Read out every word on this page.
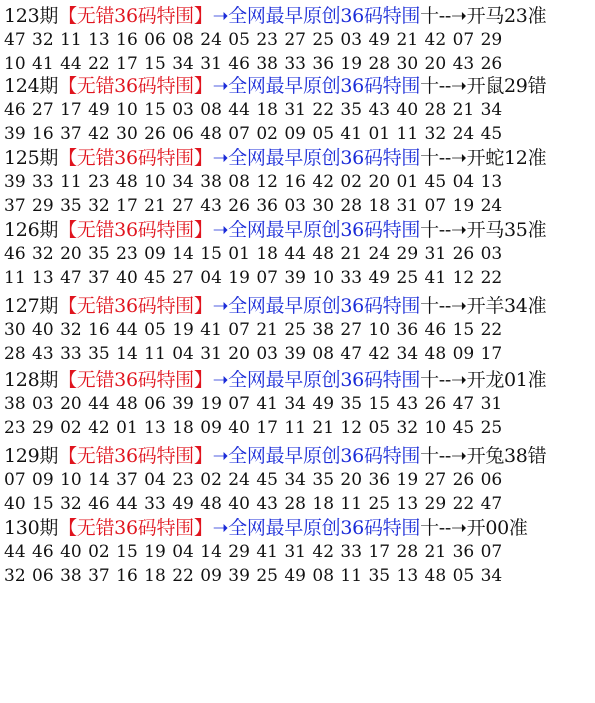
123期【无错36码特围】➝全网最早原创36码特围十--➝开马23准
47 32 11 13 16 06 08 24 05 23 27 25 03 49 21 42 07 29
10 41 44 22 17 15 34 31 46 38 33 36 19 28 30 20 43 26
124期【无错36码特围】➝全网最早原创36码特围十--➝开鼠29错
46 27 17 49 10 15 03 08 44 18 31 22 35 43 40 28 21 34
39 16 37 42 30 26 06 48 07 02 09 05 41 01 11 32 24 45
125期【无错36码特围】➝全网最早原创36码特围十--➝开蛇12准
39 33 11 23 48 10 34 38 08 12 16 42 02 20 01 45 04 13
37 29 35 32 17 21 27 43 26 36 03 30 28 18 31 07 19 24
126期【无错36码特围】➝全网最早原创36码特围十--➝开马35准
46 32 20 35 23 09 14 15 01 18 44 48 21 24 29 31 26 03
11 13 47 37 40 45 27 04 19 07 39 10 33 49 25 41 12 22
127期【无错36码特围】➝全网最早原创36码特围十--➝开羊34准
30 40 32 16 44 05 19 41 07 21 25 38 27 10 36 46 15 22
28 43 33 35 14 11 04 31 20 03 39 08 47 42 34 48 09 17
128期【无错36码特围】➝全网最早原创36码特围十--➝开龙01准
38 03 20 44 48 06 39 19 07 41 34 49 35 15 43 26 47 31
23 29 02 42 01 13 18 09 40 17 11 21 12 05 32 10 45 25
129期【无错36码特围】➝全网最早原创36码特围十--➝开兔38错
07 09 10 14 37 04 23 02 24 45 34 35 20 36 19 27 26 06
40 15 32 46 44 33 49 48 40 43 28 18 11 25 13 29 22 47
130期【无错36码特围】➝全网最早原创36码特围十--➝开00准
44 46 40 02 15 19 04 14 29 41 31 42 33 17 28 21 36 07
32 06 38 37 16 18 22 09 39 25 49 08 11 35 13 48 05 34
